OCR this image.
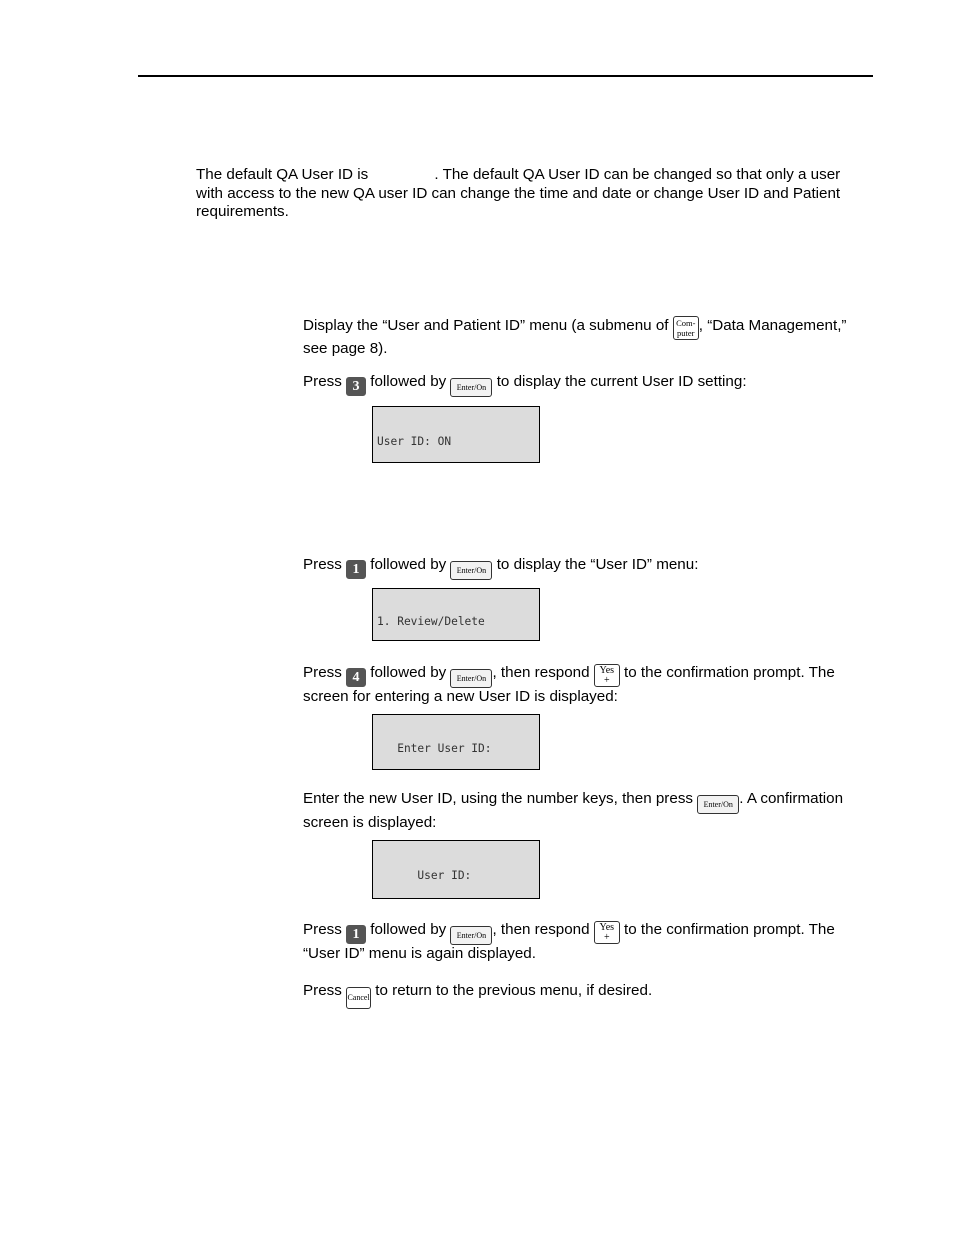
The default QA User ID is	. The default QA User ID can be changed so that only a user
with access to the new QA user ID can change the time and date or change User ID and Patient
requirements.

Display the “User and Patient ID” menu (a submenu of Com-
puter , “Data Management,”
see page 8).

Press 3 followed by Enter/On to display the current User ID setting:

User ID: ON

Press 1 followed by Enter/On to display the “User ID” menu:

1. Review/Delete

Press 4 followed by Enter/On , then respond Yes
+ to the confirmation prompt. The
screen for entering a new User ID is displayed:

Enter User ID:

Enter the new User ID, using the number keys, then press Enter/On . A confirmation
screen is displayed:

User ID:

Press 1 followed by Enter/On , then respond Yes
+ to the confirmation prompt. The
“User ID” menu is again displayed.

Press Cancel to return to the previous menu, if desired.
